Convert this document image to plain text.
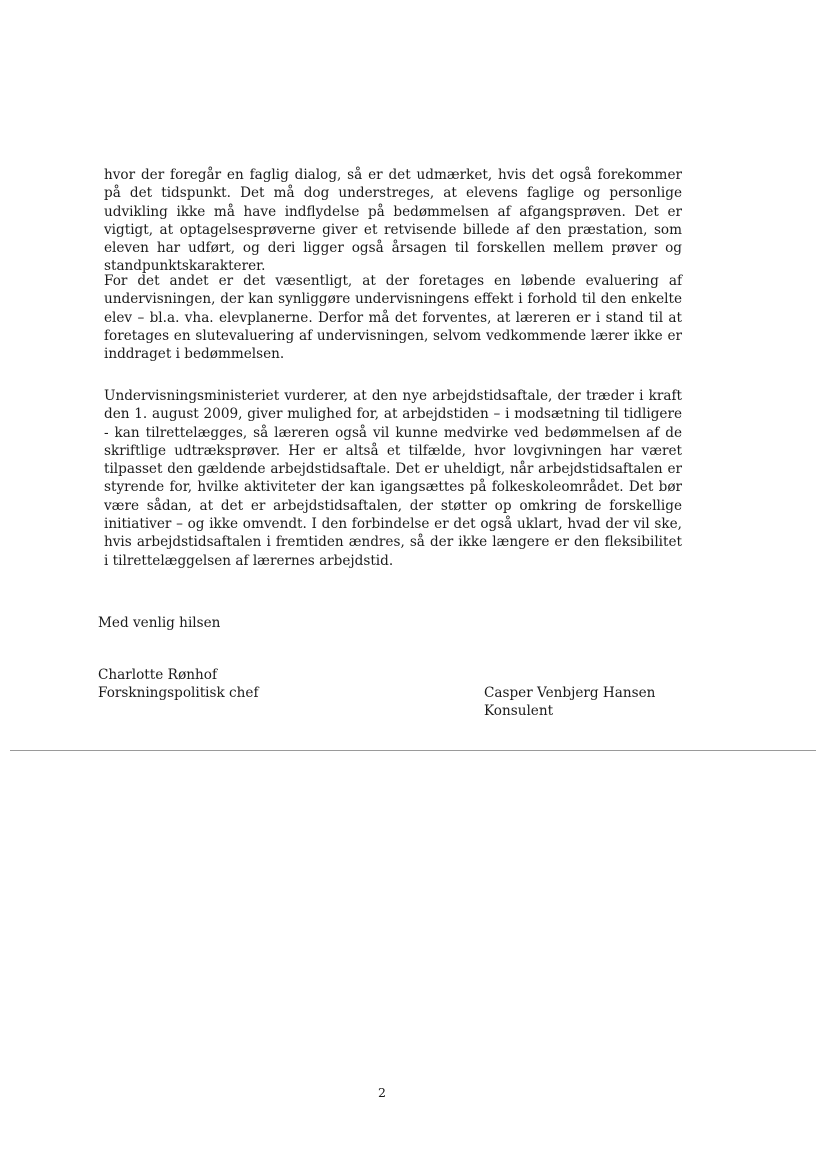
hvor der foregår en faglig dialog, så er det udmærket, hvis det også forekommer på det tidspunkt. Det må dog understreges, at elevens faglige og personlige udvikling ikke må have indflydelse på bedømmelsen af afgangsprøven. Det er vigtigt, at optagelsesprøverne giver et retvisende billede af den præstation, som eleven har udført, og deri ligger også årsagen til forskellen mellem prøver og standpunktskarakterer.

For det andet er det væsentligt, at der foretages en løbende evaluering af undervisningen, der kan synliggøre undervisningens effekt i forhold til den enkelte elev – bl.a. vha. elevplanerne. Derfor må det forventes, at læreren er i stand til at foretages en slutevaluering af undervisningen, selvom vedkommende lærer ikke er inddraget i bedømmelsen.

Undervisningsministeriet vurderer, at den nye arbejdstidsaftale, der træder i kraft den 1. august 2009, giver mulighed for, at arbejdstiden – i modsætning til tidligere - kan tilrettelægges, så læreren også vil kunne medvirke ved bedømmelsen af de skriftlige udtræksprøver. Her er altså et tilfælde, hvor lovgivningen har været tilpasset den gældende arbejdstidsaftale. Det er uheldigt, når arbejdstidsaftalen er styrende for, hvilke aktiviteter der kan igangsættes på folkeskoleområdet. Det bør være sådan, at det er arbejdstidsaftalen, der støtter op omkring de forskellige initiativer – og ikke omvendt. I den forbindelse er det også uklart, hvad der vil ske, hvis arbejdstidsaftalen i fremtiden ændres, så der ikke længere er den fleksibilitet i tilrettelæggelsen af lærernes arbejdstid.

Med venlig hilsen

Charlotte Rønhof
Forskningspolitisk chef	Casper Venbjerg Hansen
Konsulent
2
